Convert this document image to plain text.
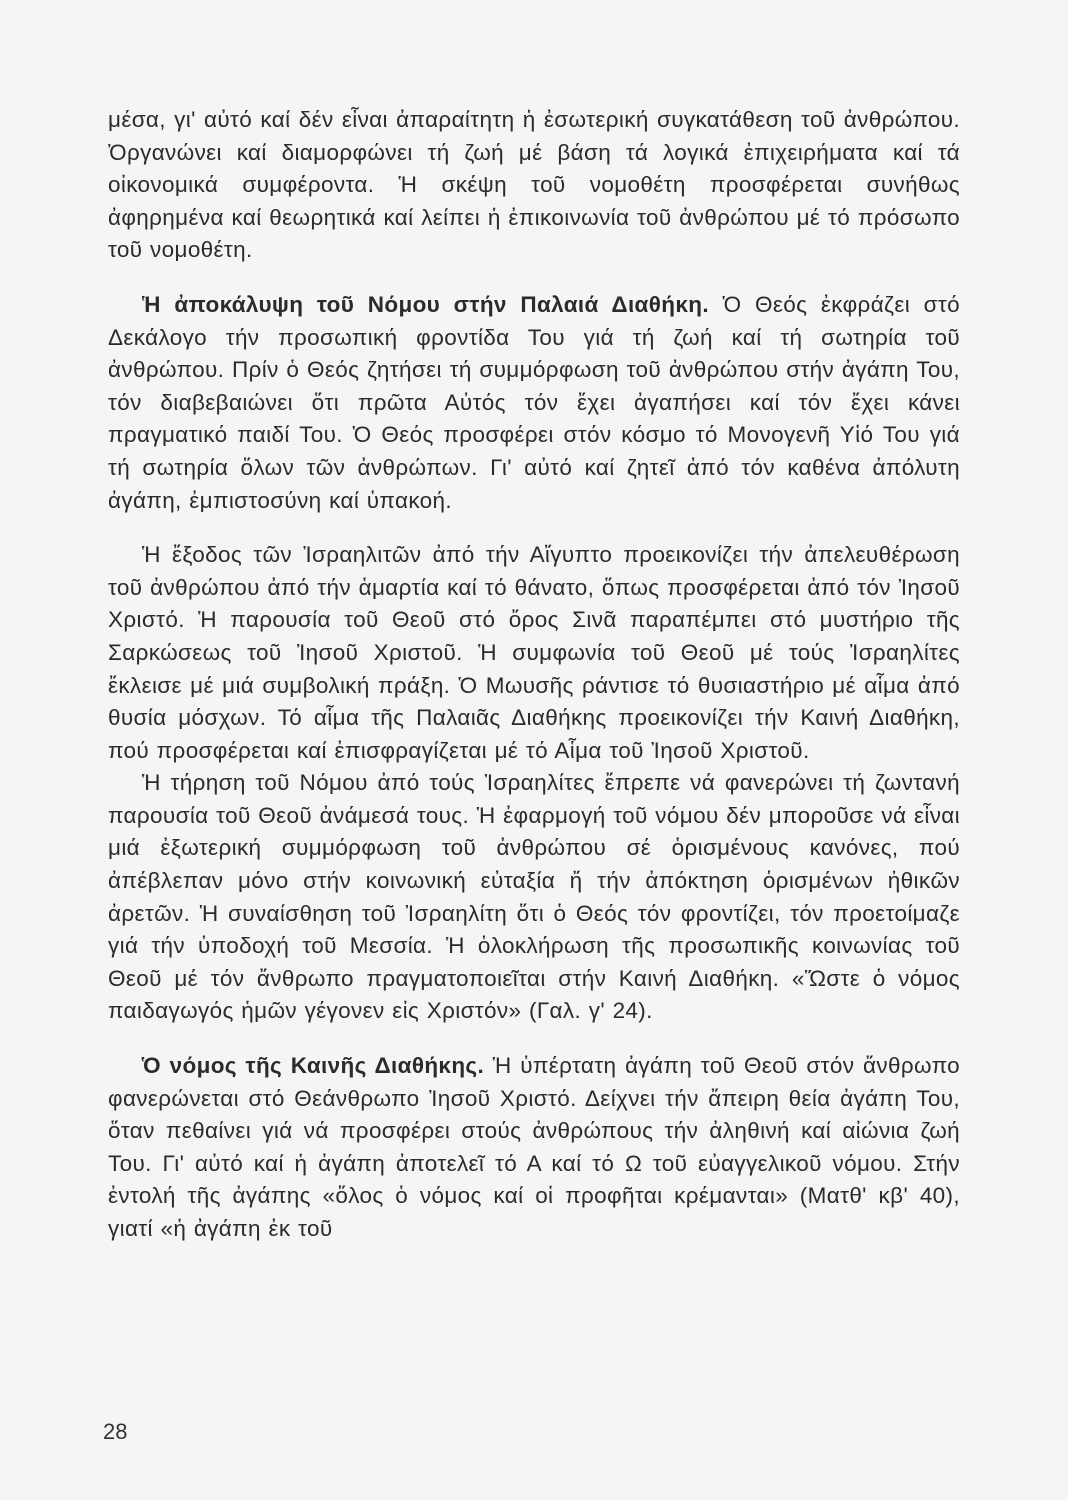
μέσα, γι' αὐτό καί δέν εἶναι ἀπαραίτητη ἡ ἐσωτερική συγκατάθεση τοῦ ἀνθρώπου. Ὀργανώνει καί διαμορφώνει τή ζωή μέ βάση τά λογικά ἐπιχειρήματα καί τά οἰκονομικά συμφέροντα. Ἡ σκέψη τοῦ νομοθέτη προσφέρεται συνήθως ἀφηρημένα καί θεωρητικά καί λείπει ἡ ἐπικοινωνία τοῦ ἀνθρώπου μέ τό πρόσωπο τοῦ νομοθέτη.

Ἡ ἀποκάλυψη τοῦ Νόμου στήν Παλαιά Διαθήκη. Ὁ Θεός ἐκφράζει στό Δεκάλογο τήν προσωπική φροντίδα Του γιά τή ζωή καί τή σωτηρία τοῦ ἀνθρώπου. Πρίν ὁ Θεός ζητήσει τή συμμόρφωση τοῦ ἀνθρώπου στήν ἀγάπη Του, τόν διαβεβαιώνει ὅτι πρῶτα Αὐτός τόν ἔχει ἀγαπήσει καί τόν ἔχει κάνει πραγματικό παιδί Του. Ὁ Θεός προσφέρει στόν κόσμο τό Μονογενῆ Υἱό Του γιά τή σωτηρία ὅλων τῶν ἀνθρώπων. Γι' αὐτό καί ζητεῖ ἀπό τόν καθένα ἀπόλυτη ἀγάπη, ἐμπιστοσύνη καί ὑπακοή.

Ἡ ἔξοδος τῶν Ἰσραηλιτῶν ἀπό τήν Αἴγυπτο προεικονίζει τήν ἀπελευθέρωση τοῦ ἀνθρώπου ἀπό τήν ἁμαρτία καί τό θάνατο, ὅπως προσφέρεται ἀπό τόν Ἰησοῦ Χριστό. Ἡ παρουσία τοῦ Θεοῦ στό ὄρος Σινᾶ παραπέμπει στό μυστήριο τῆς Σαρκώσεως τοῦ Ἰησοῦ Χριστοῦ. Ἡ συμφωνία τοῦ Θεοῦ μέ τούς Ἰσραηλίτες ἔκλεισε μέ μιά συμβολική πράξη. Ὁ Μωυσῆς ράντισε τό θυσιαστήριο μέ αἷμα ἀπό θυσία μόσχων. Τό αἷμα τῆς Παλαιᾶς Διαθήκης προεικονίζει τήν Καινή Διαθήκη, πού προσφέρεται καί ἐπισφραγίζεται μέ τό Αἷμα τοῦ Ἰησοῦ Χριστοῦ.

Ἡ τήρηση τοῦ Νόμου ἀπό τούς Ἰσραηλίτες ἔπρεπε νά φανερώνει τή ζωντανή παρουσία τοῦ Θεοῦ ἀνάμεσά τους. Ἡ ἐφαρμογή τοῦ νόμου δέν μποροῦσε νά εἶναι μιά ἐξωτερική συμμόρφωση τοῦ ἀνθρώπου σέ ὁρισμένους κανόνες, πού ἀπέβλεπαν μόνο στήν κοινωνική εὐταξία ἤ τήν ἀπόκτηση ὁρισμένων ἠθικῶν ἀρετῶν. Ἡ συναίσθηση τοῦ Ἰσραηλίτη ὅτι ὁ Θεός τόν φροντίζει, τόν προετοίμαζε γιά τήν ὑποδοχή τοῦ Μεσσία. Ἡ ὁλοκλήρωση τῆς προσωπικῆς κοινωνίας τοῦ Θεοῦ μέ τόν ἄνθρωπο πραγματοποιεῖται στήν Καινή Διαθήκη. «Ὥστε ὁ νόμος παιδαγωγός ἡμῶν γέγονεν εἰς Χριστόν» (Γαλ. γ' 24).

Ὁ νόμος τῆς Καινῆς Διαθήκης. Ἡ ὑπέρτατη ἀγάπη τοῦ Θεοῦ στόν ἄνθρωπο φανερώνεται στό Θεάνθρωπο Ἰησοῦ Χριστό. Δείχνει τήν ἄπειρη θεία ἀγάπη Του, ὅταν πεθαίνει γιά νά προσφέρει στούς ἀνθρώπους τήν ἀληθινή καί αἰώνια ζωή Του. Γι' αὐτό καί ἡ ἀγάπη ἀποτελεῖ τό Α καί τό Ω τοῦ εὐαγγελικοῦ νόμου. Στήν ἐντολή τῆς ἀγάπης «ὅλος ὁ νόμος καί οἱ προφῆται κρέμανται» (Ματθ' κβ' 40), γιατί «ἡ ἀγάπη ἐκ τοῦ

28
